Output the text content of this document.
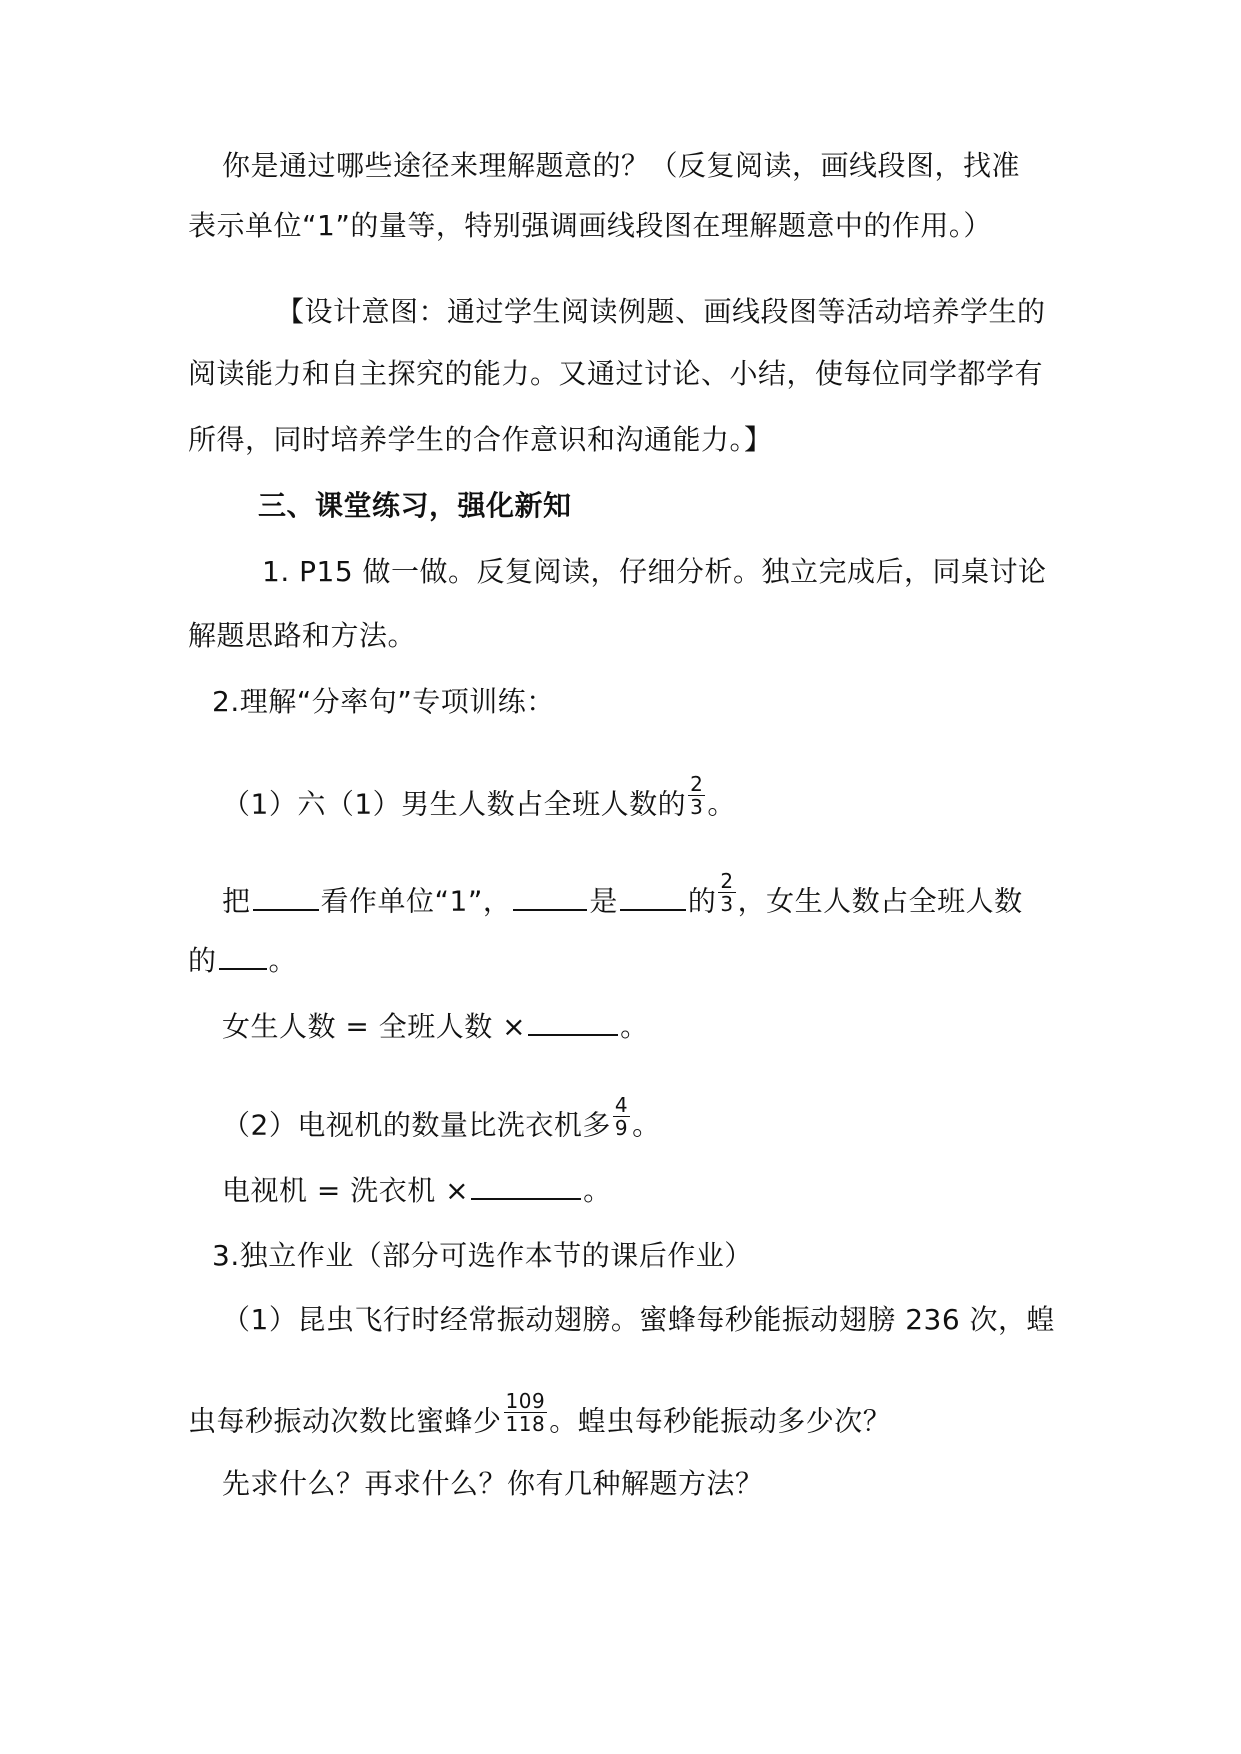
你是通过哪些途径来理解题意的？（反复阅读，画线段图，找准
表示单位“1”的量等，特别强调画线段图在理解题意中的作用。）
【设计意图：通过学生阅读例题、画线段图等活动培养学生的
阅读能力和自主探究的能力。又通过讨论、小结，使每位同学都学有
所得，同时培养学生的合作意识和沟通能力。】
三、课堂练习，强化新知
1. P15 做一做。反复阅读，仔细分析。独立完成后，同桌讨论
解题思路和方法。
2.理解“分率句”专项训练：
（1）六（1）男生人数占全班人数的 $\frac{2}{3}$ 。
把	看作单位“1”，	是	的 $\frac{2}{3}$ ，女生人数占全班人数
的 。
女生人数 = 全班人数 ×	。
（2）电视机的数量比洗衣机多 $\frac{4}{9}$ 。
电视机 = 洗衣机 ×	。
3.独立作业（部分可选作本节的课后作业）
（1）昆虫飞行时经常振动翅膀。蜜蜂每秒能振动翅膀 236 次，蝗
虫每秒振动次数比蜜蜂少 $\frac{109}{118}$ 。蝗虫每秒能振动多少次？
先求什么？再求什么？你有几种解题方法？
